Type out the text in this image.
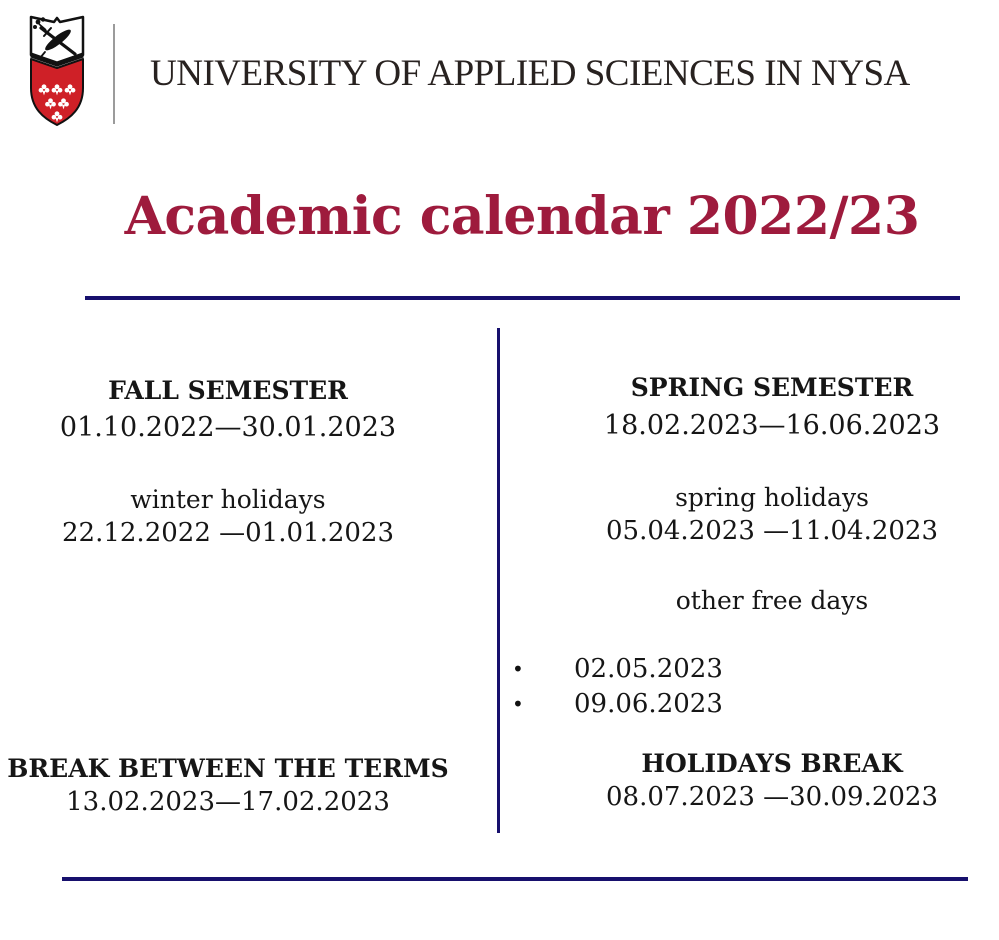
UNIVERSITY OF APPLIED SCIENCES IN NYSA
Academic calendar 2022/23
FALL SEMESTER
01.10.2022—30.01.2023
winter holidays
22.12.2022 —01.01.2023
BREAK BETWEEN THE TERMS
13.02.2023—17.02.2023
SPRING SEMESTER
18.02.2023—16.06.2023
spring holidays
05.04.2023 —11.04.2023
other free days
• 02.05.2023
• 09.06.2023
HOLIDAYS BREAK
08.07.2023 —30.09.2023
